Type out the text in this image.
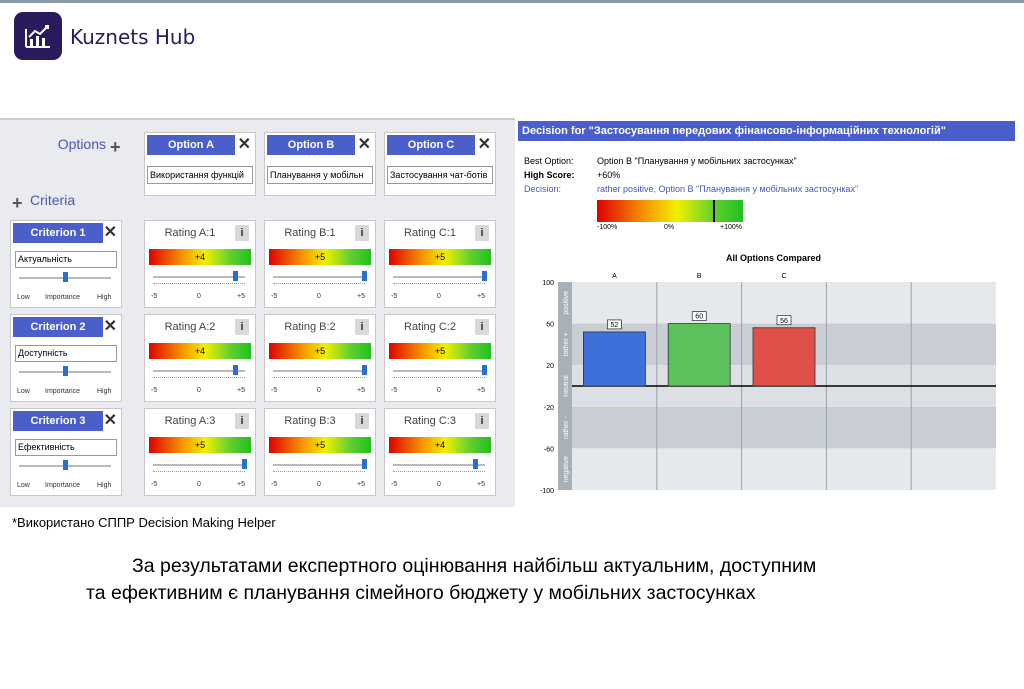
Kuznets Hub
Options +
+ Criteria
Option A	✕
Використання функцій
Option B	✕
Планування у мобільн
Option C	✕
Застосування чат-ботів
Criterion 1	✕
Актуальність
Low Importance High
Rating A:1	i
+4
-5	0	+5
Rating B:1	i
+5
-5	0	+5
Rating C:1	i
+5
-5	0	+5
Criterion 2	✕
Доступність
Low Importance High
Rating A:2	i
+4
-5	0	+5
Rating B:2	i
+5
-5	0	+5
Rating C:2	i
+5
-5	0	+5
Criterion 3	✕
Ефективність
Low Importance High
Rating A:3	i
+5
-5	0	+5
Rating B:3	i
+5
-5	0	+5
Rating C:3	i
+4
-5	0	+5
Decision for "Застосування передових фінансово-інформаційних технологій"
Best Option:	Option B "Планування у мобільних застосунках"
High Score: +60%
Decision:	rather positive, Option B "Планування у мобільних застосунках"
-100%	0%	+100%
All Options Compared
100
60
20
-20
-60
-100
positive
rather +
neutral
rather -
negative
52
A
60
B
56
C
*Використано СППР Decision Making Helper
За результатами експертного оцінювання найбільш актуальним, доступним
та ефективним є планування сімейного бюджету у мобільних застосунках
